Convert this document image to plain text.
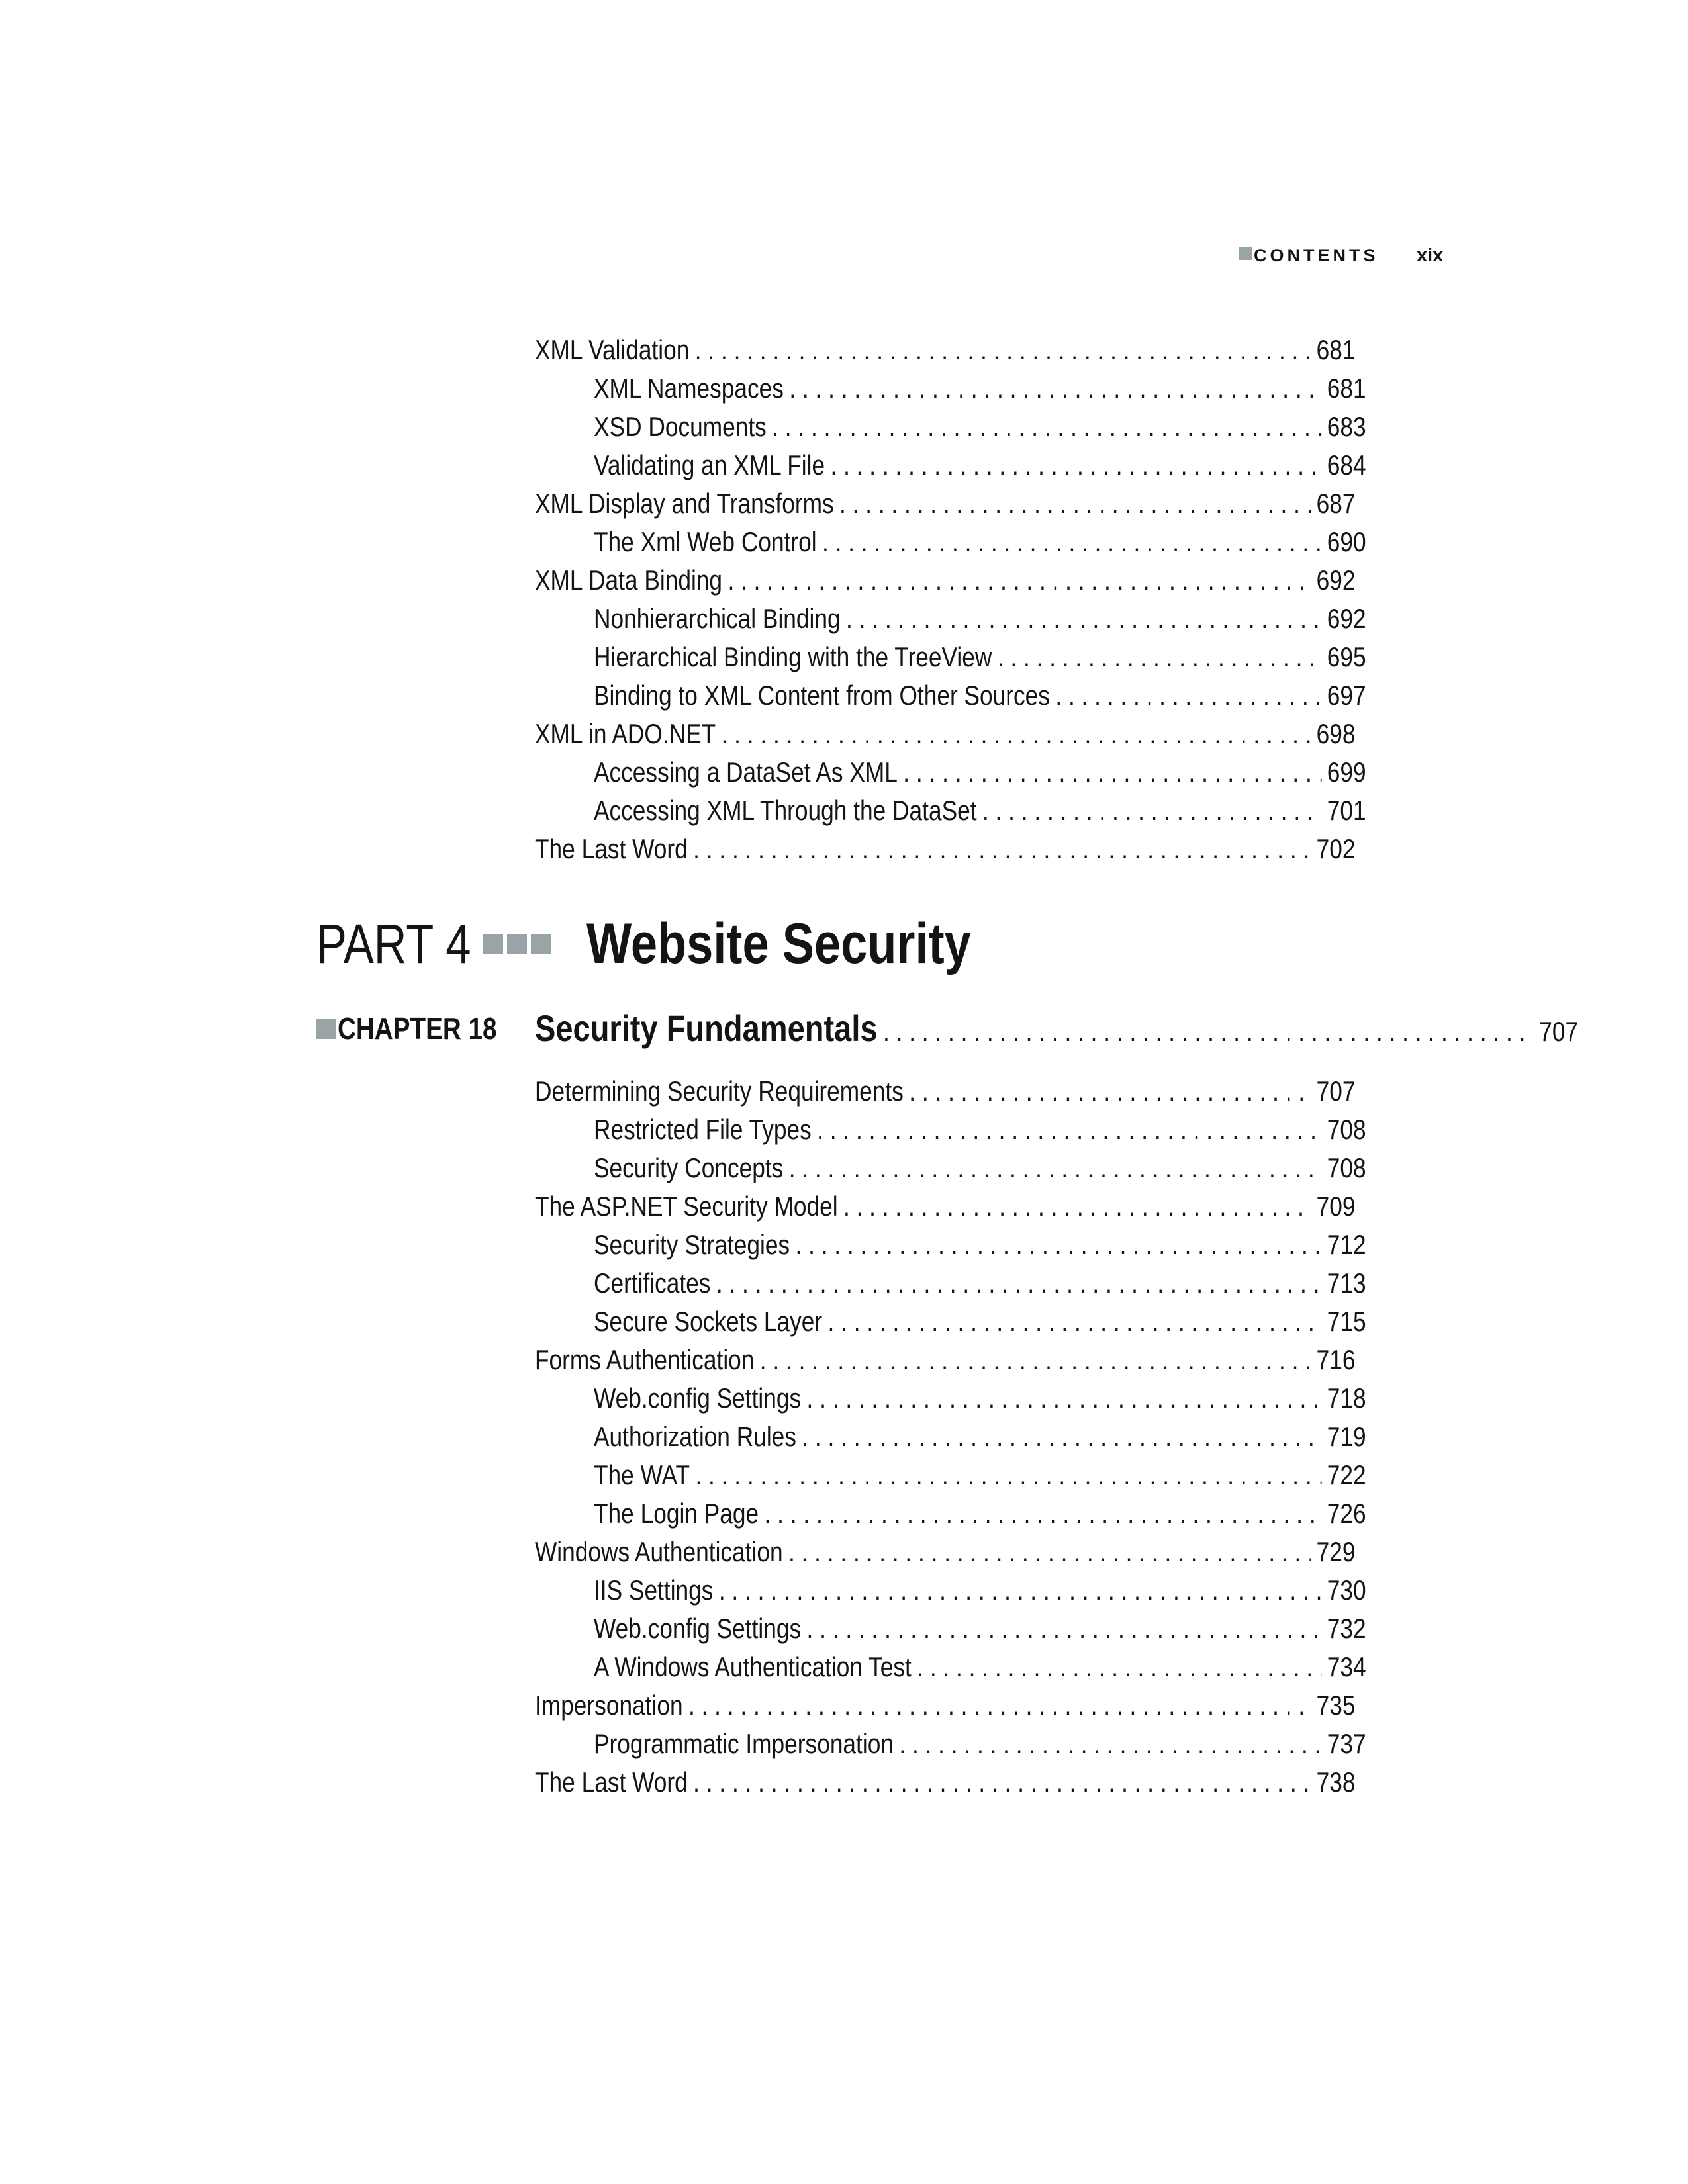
CONTENTS xix
XML Validation . . .	681
XML Namespaces . . .	681
XSD Documents . . .	683
Validating an XML File . . .	684
XML Display and Transforms . . .	687
The Xml Web Control . . .	690
XML Data Binding . . .	692
Nonhierarchical Binding . . .	692
Hierarchical Binding with the TreeView . . .	695
Binding to XML Content from Other Sources . . .	697
XML in ADO.NET . . .	698
Accessing a DataSet As XML . . .	699
Accessing XML Through the DataSet . . .	701
The Last Word . . .	702
PART 4 Website Security
CHAPTER 18 Security Fundamentals . . .	707
Determining Security Requirements . . .	707
Restricted File Types . . .	708
Security Concepts . . .	708
The ASP.NET Security Model . . .	709
Security Strategies . . .	712
Certificates . . .	713
Secure Sockets Layer . . .	715
Forms Authentication . . .	716
Web.config Settings . . .	718
Authorization Rules . . .	719
The WAT . . .	722
The Login Page . . .	726
Windows Authentication . . .	729
IIS Settings . . .	730
Web.config Settings . . .	732
A Windows Authentication Test . . .	734
Impersonation . . .	735
Programmatic Impersonation . . .	737
The Last Word . . .	738
